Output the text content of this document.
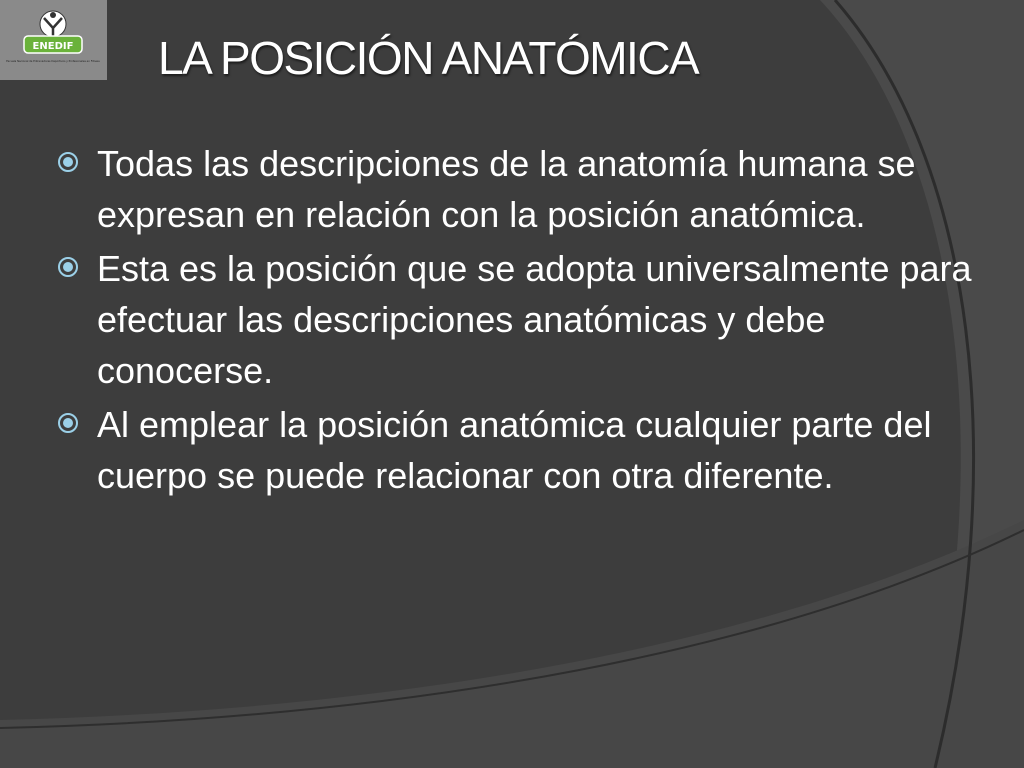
ENEDIF
Escuela Nacional de Entrenadores Deportivos y Profesionales en Fitness LA POSICIÓN ANATÓMICA
Todas las descripciones de la anatomía humana se expresan en relación con la posición anatómica.
Esta es la posición que se adopta universalmente para efectuar las descripciones anatómicas y debe conocerse.
Al emplear la posición anatómica cualquier parte del cuerpo se puede relacionar con otra diferente.
